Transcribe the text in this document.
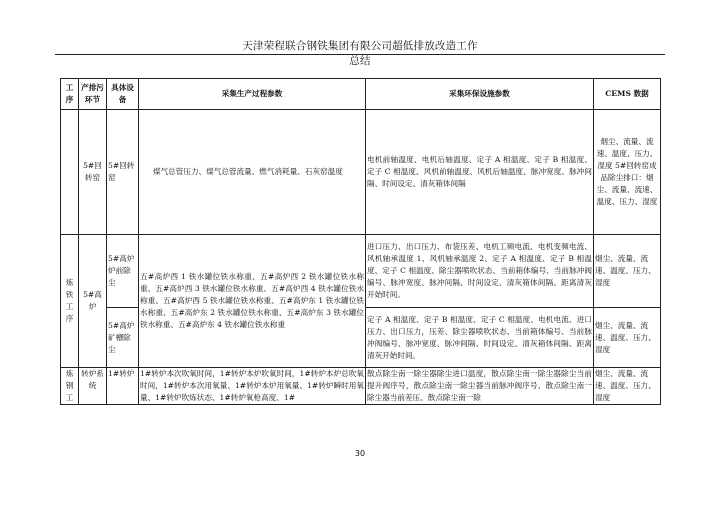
天津荣程联合钢铁集团有限公司超低排放改造工作总结
工序	产排污环节	具体设备	采集生产过程参数	采集环保设施参数	CEMS 数据
	5#回转窑	5#回转窑	煤气总管压力、煤气总管流量、燃气消耗量、石灰窑温度	电机前轴温度、电机后轴温度、定子 A 相温度、定子 B 相温度、定子 C 相温度、风机前轴温度、风机后轴温度、脉冲宽度、脉冲间隔、时间设定、清灰箱体间隔	烟尘、流量、流速、温度、压力、湿度 5#回转窑成品除尘排口：烟尘、流量、流速、温度、压力、湿度
炼铁工序	5#高炉	5#高炉炉前除尘	五#高炉西 1 铁水罐位铁水称重、五#高炉西 2 铁水罐位铁水称重、五#高炉西 3 铁水罐位铁水称重、五#高炉西 4 铁水罐位铁水称重、五#高炉西 5 铁水罐位铁水称重、五#高炉东 1 铁水罐位铁水称重、五#高炉东 2 铁水罐位铁水称重、五#高炉东 3 铁水罐位铁水称重、五#高炉东 4 铁水罐位铁水称重	进口压力、出口压力、布袋压差、电机工频电流、电机变频电流、风机轴承温度 1、风机轴承温度 2、定子 A 相温度、定子 B 相温度、定子 C 相温度、除尘器喷吹状态、当前箱体编号、当前脉冲阀编号、脉冲宽度、脉冲间隔、时间设定、清灰箱体间隔、距离清灰开始时间。	烟尘、流量、流速、温度、压力、湿度
		5#高炉矿槽除尘		定子 A 相温度、定子 B 相温度、定子 C 相温度、电机电流、进口压力、出口压力，压差、除尘器喷吹状态、当前箱体编号、当前脉冲阀编号、脉冲宽度、脉冲间隔、时间设定、清灰箱体间隔、距离清灰开始时间。	烟尘、流量、流速、温度、压力、湿度
炼钢工	转炉系统	1#转炉	1#转炉本次吹氧时间，1#转炉本炉吹氧时间，1#转炉本炉总吹氧时间，1#转炉本次用氧量、1#转炉本炉用氧量、1#转炉瞬时用氧量、1#转炉吹炼状态、1#转炉氧枪高度、1#	散点除尘南一除尘器除尘进口温度，散点除尘南一除尘器除尘当前提升阀序号，散点除尘南一除尘器当前脉冲阀序号、散点除尘南一除尘器当前差压、散点除尘南一除	烟尘、流量、流速、温度、压力、湿度
30
